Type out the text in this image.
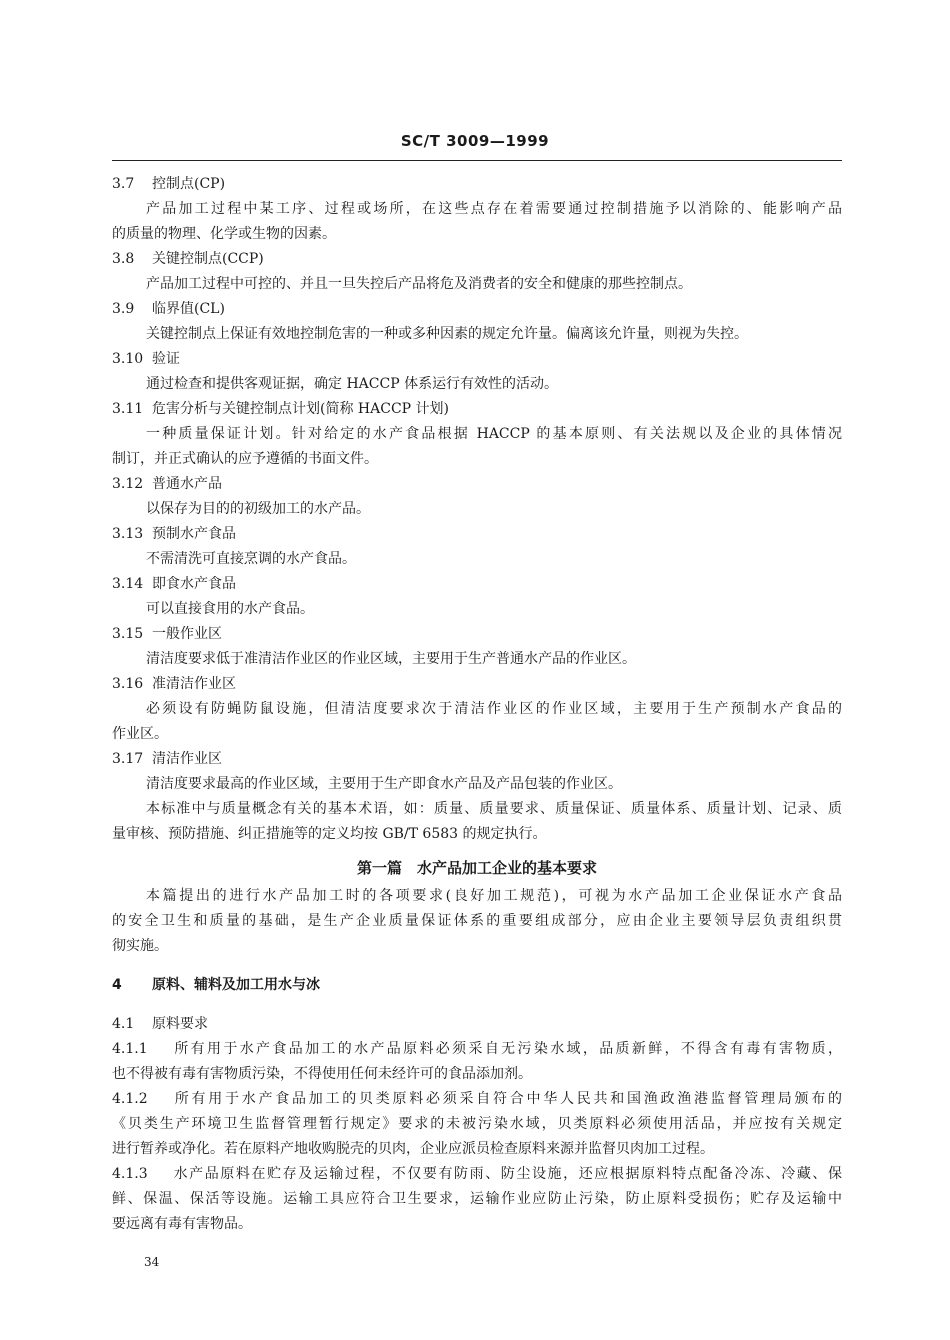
SC/T 3009—1999
3.7 控制点(CP)
产品加工过程中某工序、过程或场所，在这些点存在着需要通过控制措施予以消除的、能影响产品
的质量的物理、化学或生物的因素。
3.8 关键控制点(CCP)
产品加工过程中可控的、并且一旦失控后产品将危及消费者的安全和健康的那些控制点。
3.9 临界值(CL)
关键控制点上保证有效地控制危害的一种或多种因素的规定允许量。偏离该允许量，则视为失控。
3.10 验证
通过检查和提供客观证据，确定 HACCP 体系运行有效性的活动。
3.11 危害分析与关键控制点计划(简称 HACCP 计划)
一种质量保证计划。针对给定的水产食品根据 HACCP 的基本原则、有关法规以及企业的具体情况
制订，并正式确认的应予遵循的书面文件。
3.12 普通水产品
以保存为目的的初级加工的水产品。
3.13 预制水产食品
不需清洗可直接烹调的水产食品。
3.14 即食水产食品
可以直接食用的水产食品。
3.15 一般作业区
清洁度要求低于准清洁作业区的作业区域，主要用于生产普通水产品的作业区。
3.16 准清洁作业区
必须设有防蝇防鼠设施，但清洁度要求次于清洁作业区的作业区域，主要用于生产预制水产食品的
作业区。
3.17 清洁作业区
清洁度要求最高的作业区域，主要用于生产即食水产品及产品包装的作业区。
本标准中与质量概念有关的基本术语，如：质量、质量要求、质量保证、质量体系、质量计划、记录、质
量审核、预防措施、纠正措施等的定义均按 GB/T 6583 的规定执行。
第一篇　水产品加工企业的基本要求
本篇提出的进行水产品加工时的各项要求(良好加工规范)，可视为水产品加工企业保证水产食品
的安全卫生和质量的基础，是生产企业质量保证体系的重要组成部分，应由企业主要领导层负责组织贯
彻实施。
4 原料、辅料及加工用水与冰
4.1 原料要求
4.1.1 所有用于水产食品加工的水产品原料必须采自无污染水域，品质新鲜，不得含有毒有害物质，
也不得被有毒有害物质污染，不得使用任何未经许可的食品添加剂。
4.1.2 所有用于水产食品加工的贝类原料必须采自符合中华人民共和国渔政渔港监督管理局颁布的
《贝类生产环境卫生监督管理暂行规定》要求的未被污染水域，贝类原料必须使用活品，并应按有关规定
进行暂养或净化。若在原料产地收购脱壳的贝肉，企业应派员检查原料来源并监督贝肉加工过程。
4.1.3 水产品原料在贮存及运输过程，不仅要有防雨、防尘设施，还应根据原料特点配备冷冻、冷藏、保
鲜、保温、保活等设施。运输工具应符合卫生要求，运输作业应防止污染，防止原料受损伤；贮存及运输中
要远离有毒有害物品。
34
